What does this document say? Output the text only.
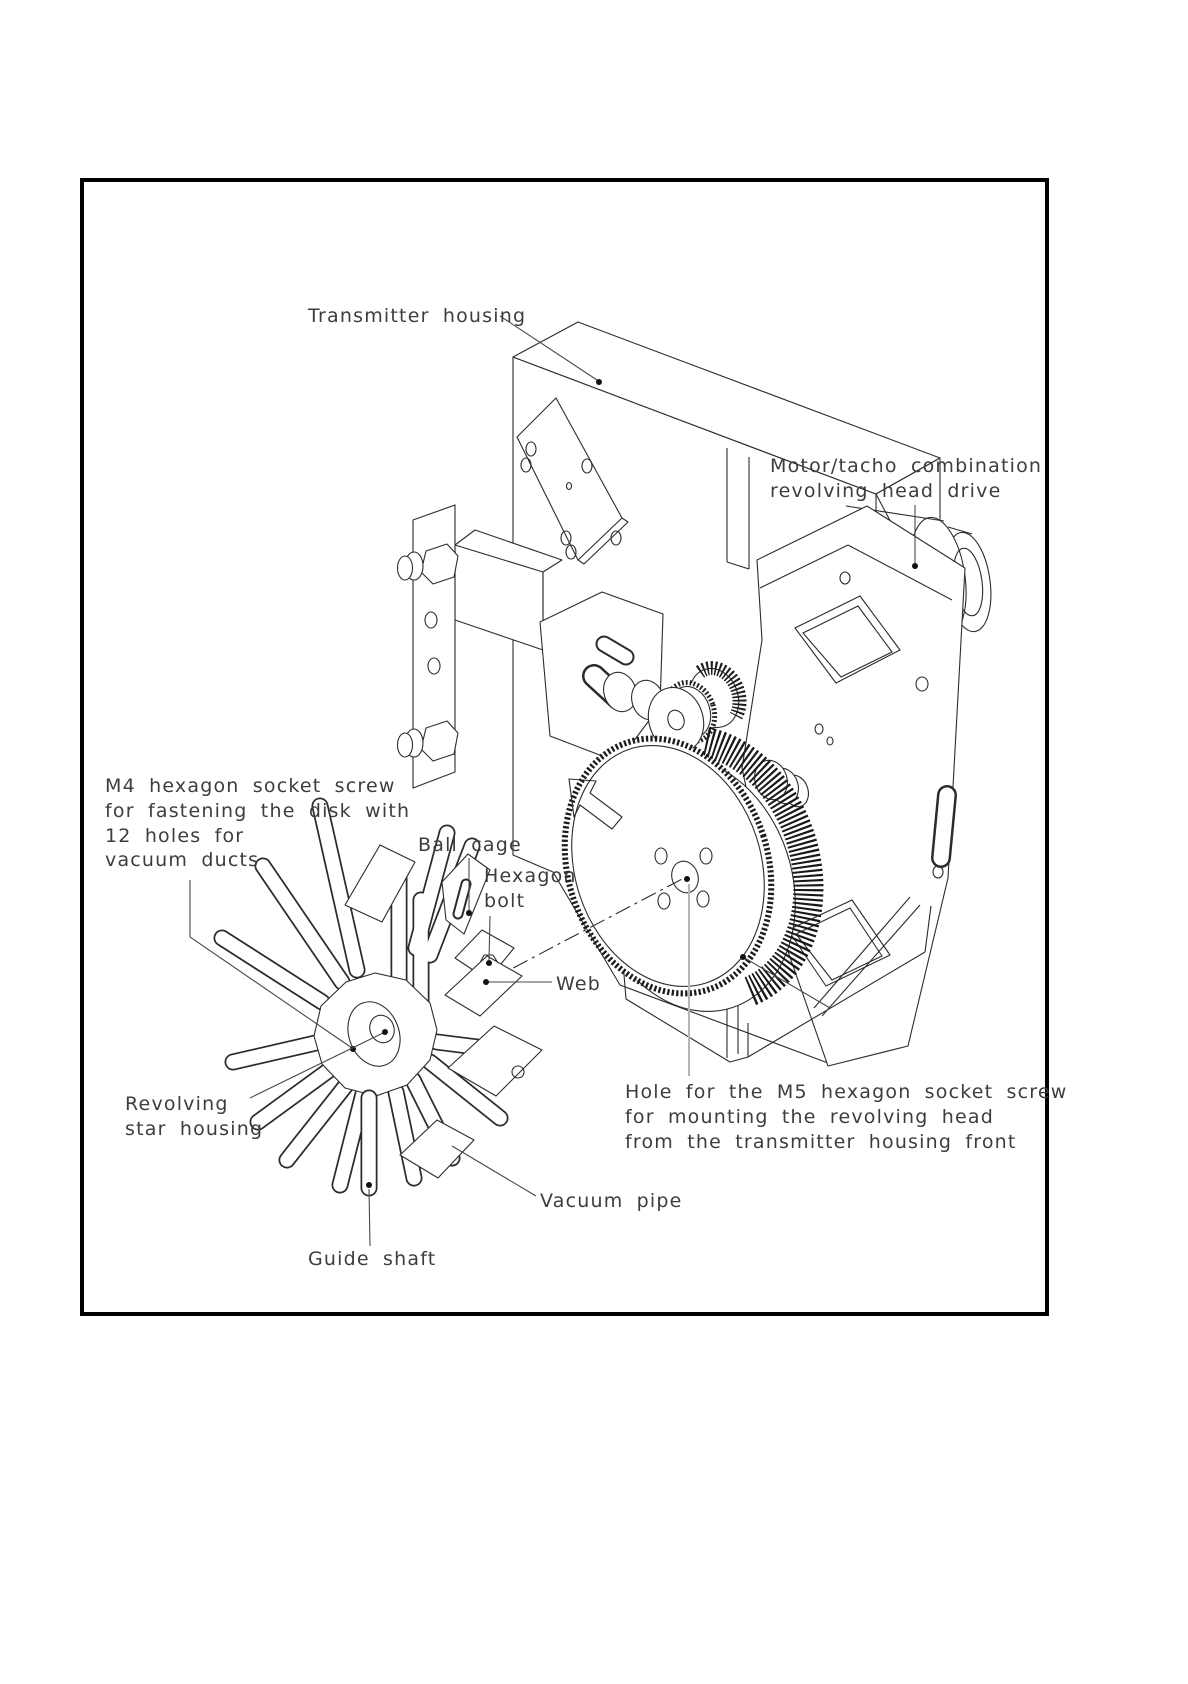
Transmitter housing
Motor/tacho combination
revolving head drive
M4 hexagon socket screw
for fastening the disk with
12 holes for
vacuum ducts
Ball cage
Hexagon
bolt
Web
Hole for the M5 hexagon socket screw
for mounting the revolving head
from the transmitter housing front
Revolving
star housing
Vacuum pipe
Guide shaft
